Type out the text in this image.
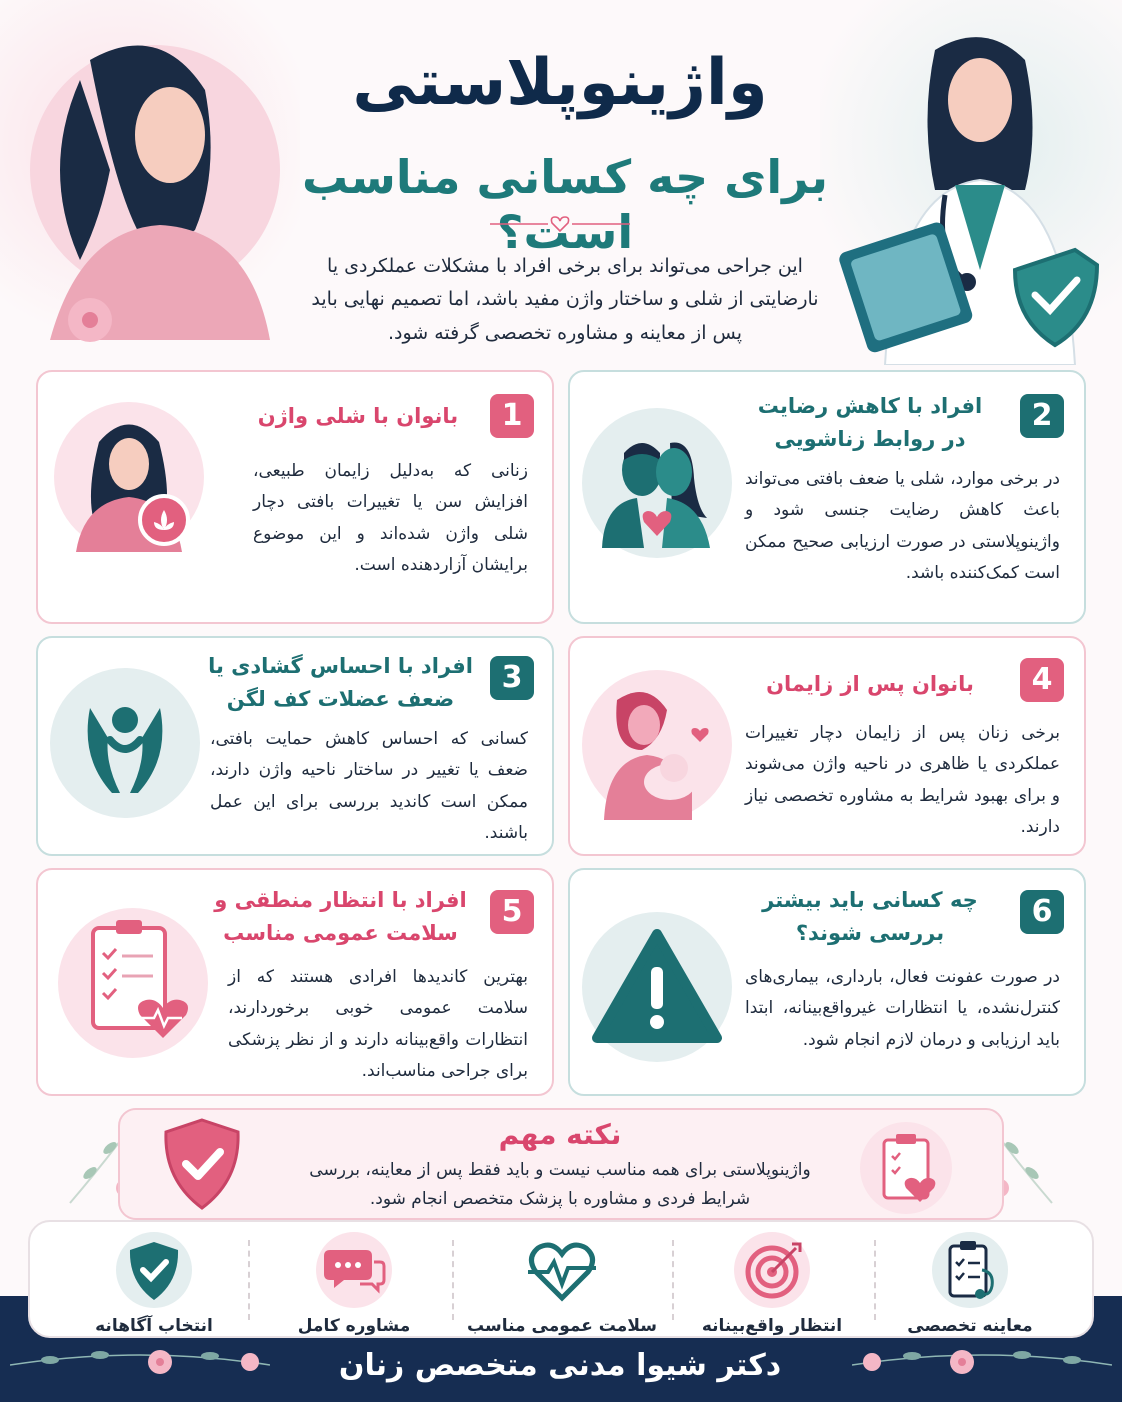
واژینوپلاستی
برای چه کسانی مناسب است؟
این جراحی می‌تواند برای برخی افراد با مشکلات عملکردی یا نارضایتی از شلی و ساختار واژن مفید باشد، اما تصمیم نهایی باید پس از معاینه و مشاوره تخصصی گرفته شود.
1
بانوان با شلی واژن
زنانی که به‌دلیل زایمان طبیعی، افزایش سن یا تغییرات بافتی دچار شلی واژن شده‌اند و این موضوع برایشان آزاردهنده است.
2
افراد با کاهش رضایت در روابط زناشویی
در برخی موارد، شلی یا ضعف بافتی می‌تواند باعث کاهش رضایت جنسی شود و واژینوپلاستی در صورت ارزیابی صحیح ممکن است کمک‌کننده باشد.
3
افراد با احساس گشادی یا ضعف عضلات کف لگن
کسانی که احساس کاهش حمایت بافتی، ضعف یا تغییر در ساختار ناحیه واژن دارند، ممکن است کاندید بررسی برای این عمل باشند.
4
بانوان پس از زایمان
برخی زنان پس از زایمان دچار تغییرات عملکردی یا ظاهری در ناحیه واژن می‌شوند و برای بهبود شرایط به مشاوره تخصصی نیاز دارند.
5
افراد با انتظار منطقی و سلامت عمومی مناسب
بهترین کاندیدها افرادی هستند که از سلامت عمومی خوبی برخوردارند، انتظارات واقع‌بینانه دارند و از نظر پزشکی برای جراحی مناسب‌اند.
6
چه کسانی باید بیشتر بررسی شوند؟
در صورت عفونت فعال، بارداری، بیماری‌های کنترل‌نشده، یا انتظارات غیرواقع‌بینانه، ابتدا باید ارزیابی و درمان لازم انجام شود.
نکته مهم
واژینوپلاستی برای همه مناسب نیست و باید فقط پس از معاینه، بررسی شرایط فردی و مشاوره با پزشک متخصص انجام شود.
دکتر شیوا مدنی متخصص زنان
انتخاب آگاهانه	مشاوره کامل	سلامت عمومی مناسب	انتظار واقع‌بینانه	معاینه تخصصی
